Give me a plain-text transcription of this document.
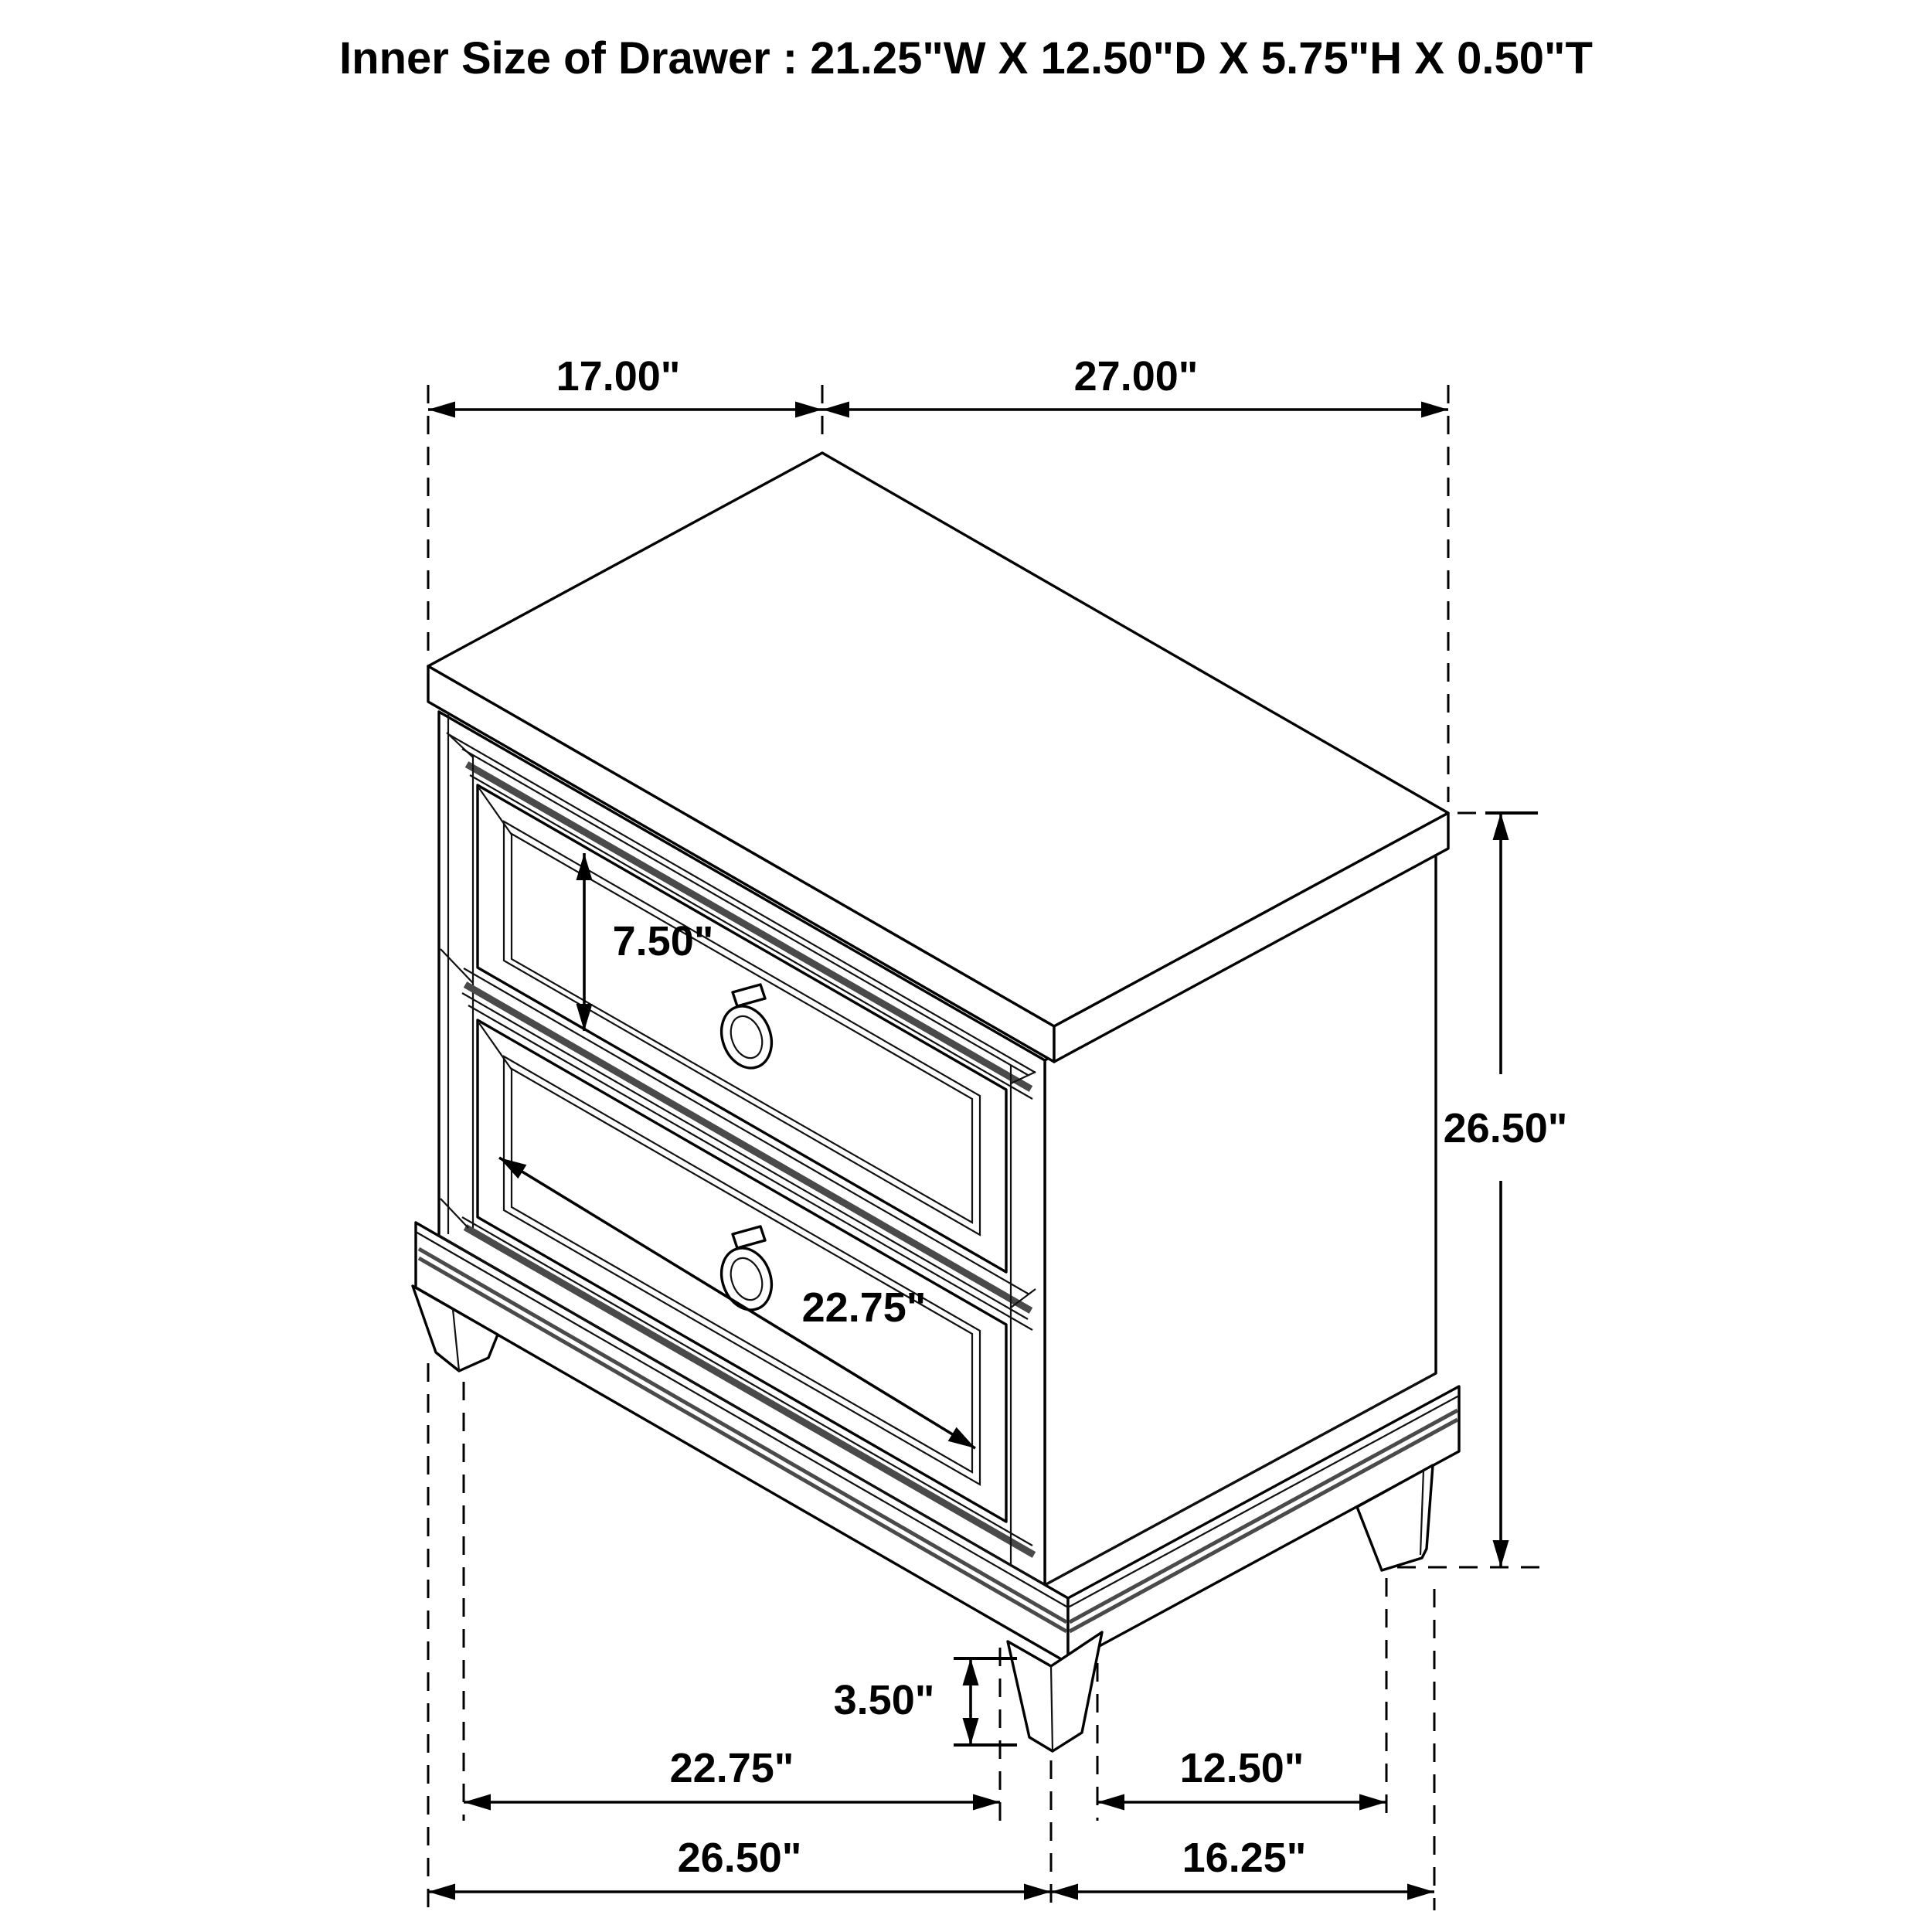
Inner Size of Drawer : 21.25"W X 12.50"D X 5.75"H X 0.50"T
17.00"	27.00"
26.50"
7.50"
22.75"
3.50"
22.75"	12.50"
26.50"	16.25"
